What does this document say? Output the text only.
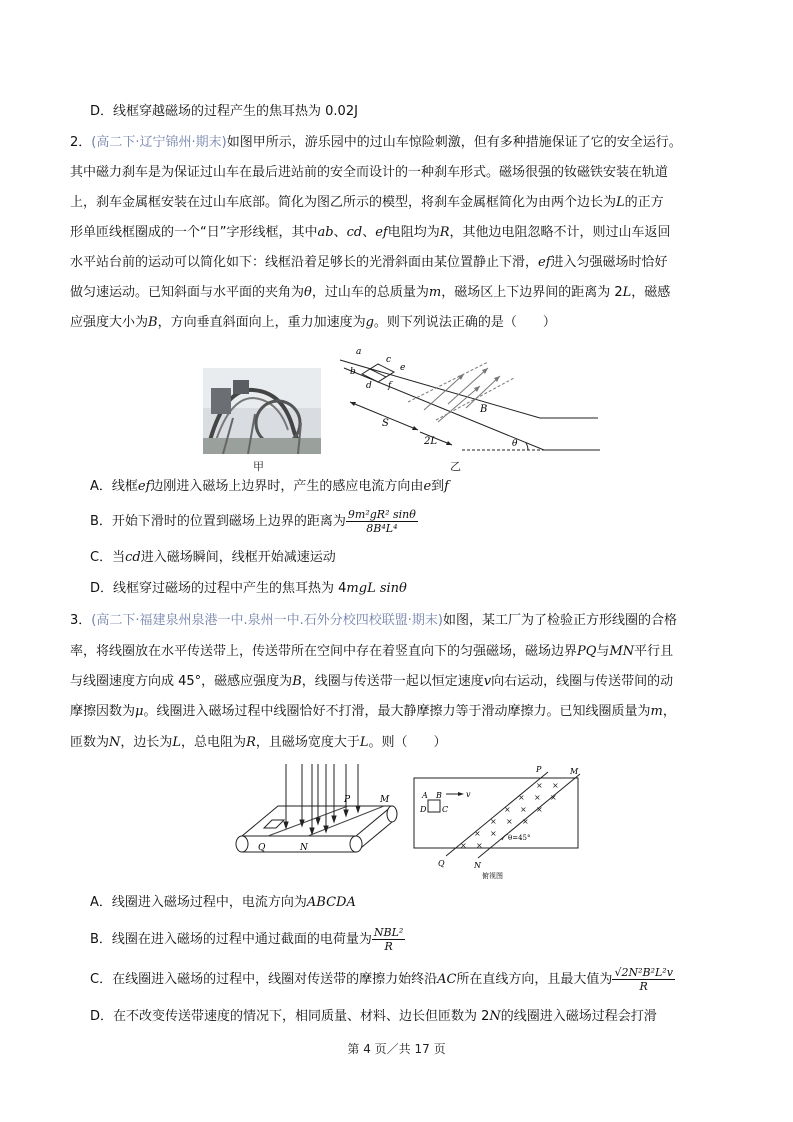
D．线框穿越磁场的过程产生的焦耳热为 0.02J
2．(高二下·辽宁锦州·期末)如图甲所示，游乐园中的过山车惊险刺激，但有多种措施保证了它的安全运行。
其中磁力刹车是为保证过山车在最后进站前的安全而设计的一种刹车形式。磁场很强的钕磁铁安装在轨道
上，刹车金属框安装在过山车底部。简化为图乙所示的模型，将刹车金属框简化为由两个边长为L的正方
形单匝线框圈成的一个“日”字形线框，其中ab、cd、ef电阻均为R，其他边电阻忽略不计，则过山车返回
水平站台前的运动可以简化如下：线框沿着足够长的光滑斜面由某位置静止下滑，ef进入匀强磁场时恰好
做匀速运动。已知斜面与水平面的夹角为θ，过山车的总质量为m，磁场区上下边界间的距离为 2L，磁感
应强度大小为B，方向垂直斜面向上，重力加速度为g。则下列说法正确的是（　　）
甲
a
b
c
d
e
f
S
2L
B
θ
乙
A．线框ef边刚进入磁场上边界时，产生的感应电流方向由e到f
B．开始下滑时的位置到磁场上边界的距离为 $\frac{\text{9m²gR² sinθ}}{\text{8B⁴L⁴}}$
C．当cd进入磁场瞬间，线框开始减速运动
D．线框穿过磁场的过程中产生的焦耳热为 4mgL sinθ
3．(高二下·福建泉州泉港一中.泉州一中.石外分校四校联盟·期末)如图，某工厂为了检验正方形线圈的合格
率，将线圈放在水平传送带上，传送带所在空间中存在着竖直向下的匀强磁场，磁场边界PQ与MN平行且
与线圈速度方向成 45°，磁感应强度为B，线圈与传送带一起以恒定速度v向右运动，线圈与传送带间的动
摩擦因数为μ。线圈进入磁场过程中线圈恰好不打滑，最大静摩擦力等于滑动摩擦力。已知线圈质量为m，
匝数为N，边长为L，总电阻为R，且磁场宽度大于L。则（　　）
P	M
Q	N
× ×
× × ×
× × ×
× × ×
× ×
× ×
P	M
Q	N
A B
C
D
v
θ=45°
俯视图
A．线圈进入磁场过程中，电流方向为ABCDA
B．线圈在进入磁场的过程中通过截面的电荷量为 $\frac{\text{NBL²}}{R}$
C．在线圈进入磁场的过程中，线圈对传送带的摩擦力始终沿AC所在直线方向，且最大值为 $\frac{\text{√2N²B²L²v}}{R}$
D．在不改变传送带速度的情况下，相同质量、材料、边长但匝数为 2N的线圈进入磁场过程会打滑
第 4 页／共 17 页
